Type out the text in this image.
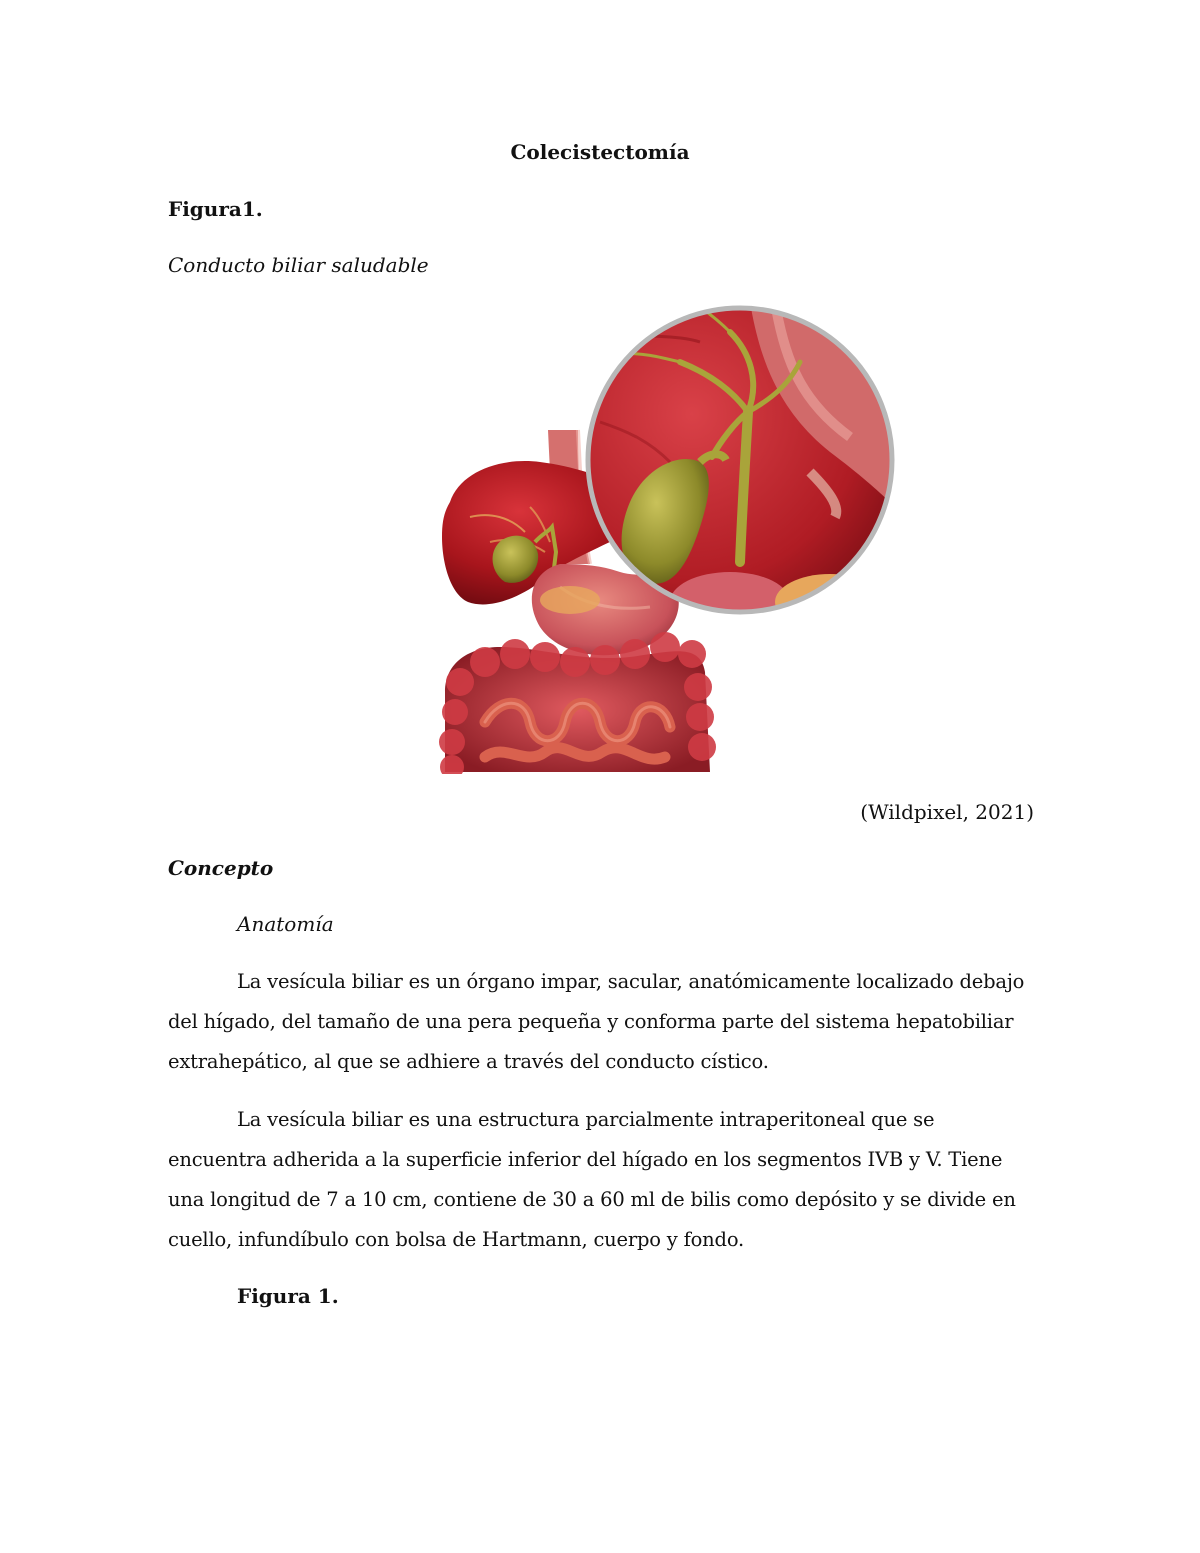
Colecistectomía
Figura1.
Conducto biliar saludable
(Wildpixel, 2021)
Concepto
Anatomía

La vesícula biliar es un órgano impar, sacular, anatómicamente localizado debajo del hígado, del tamaño de una pera pequeña y conforma parte del sistema hepatobiliar extrahepático, al que se adhiere a través del conducto cístico.

La vesícula biliar es una estructura parcialmente intraperitoneal que se encuentra adherida a la superficie inferior del hígado en los segmentos IVB y V. Tiene una longitud de 7 a 10 cm, contiene de 30 a 60 ml de bilis como depósito y se divide en cuello, infundíbulo con bolsa de Hartmann, cuerpo y fondo.

Figura 1.
